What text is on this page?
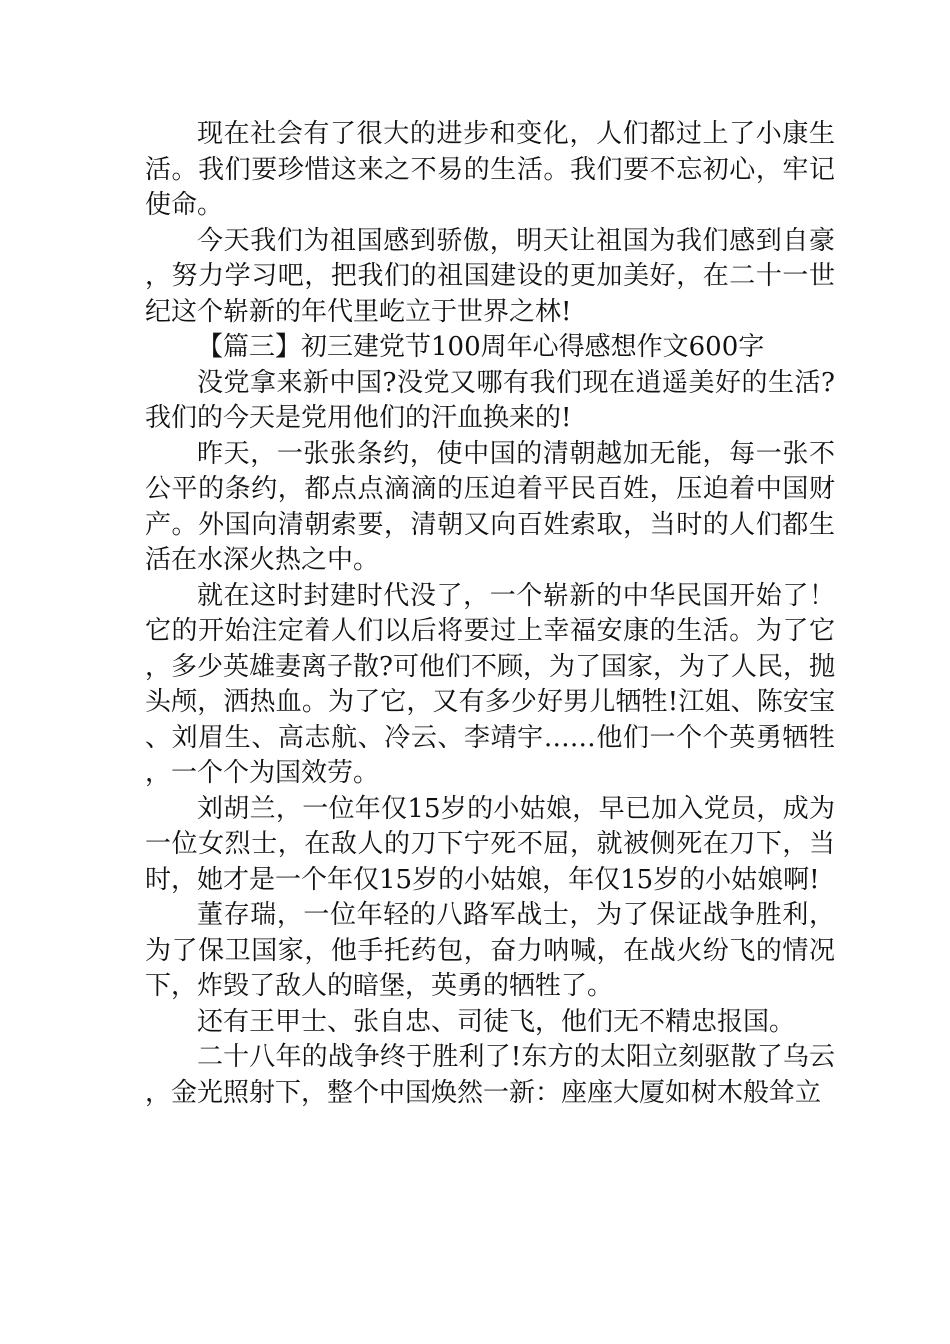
现在社会有了很大的进步和变化，人们都过上了小康生活。我们要珍惜这来之不易的生活。我们要不忘初心，牢记使命。

今天我们为祖国感到骄傲，明天让祖国为我们感到自豪，努力学习吧，把我们的祖国建设的更加美好，在二十一世纪这个崭新的年代里屹立于世界之林!

【篇三】初三建党节100周年心得感想作文600字

没党拿来新中国?没党又哪有我们现在逍遥美好的生活?我们的今天是党用他们的汗血换来的!

昨天，一张张条约，使中国的清朝越加无能，每一张不公平的条约，都点点滴滴的压迫着平民百姓，压迫着中国财产。外国向清朝索要，清朝又向百姓索取，当时的人们都生活在水深火热之中。

就在这时封建时代没了，一个崭新的中华民国开始了！它的开始注定着人们以后将要过上幸福安康的生活。为了它，多少英雄妻离子散?可他们不顾，为了国家，为了人民，抛头颅，洒热血。为了它，又有多少好男儿牺牲!江姐、陈安宝、刘眉生、高志航、冷云、李靖宇……他们一个个英勇牺牲，一个个为国效劳。

刘胡兰，一位年仅15岁的小姑娘，早已加入党员，成为一位女烈士，在敌人的刀下宁死不屈，就被侧死在刀下，当时，她才是一个年仅15岁的小姑娘，年仅15岁的小姑娘啊!

董存瑞，一位年轻的八路军战士，为了保证战争胜利，为了保卫国家，他手托药包，奋力呐喊，在战火纷飞的情况下，炸毁了敌人的暗堡，英勇的牺牲了。

还有王甲士、张自忠、司徒飞，他们无不精忠报国。

二十八年的战争终于胜利了!东方的太阳立刻驱散了乌云，金光照射下，整个中国焕然一新：座座大厦如树木般耸立
